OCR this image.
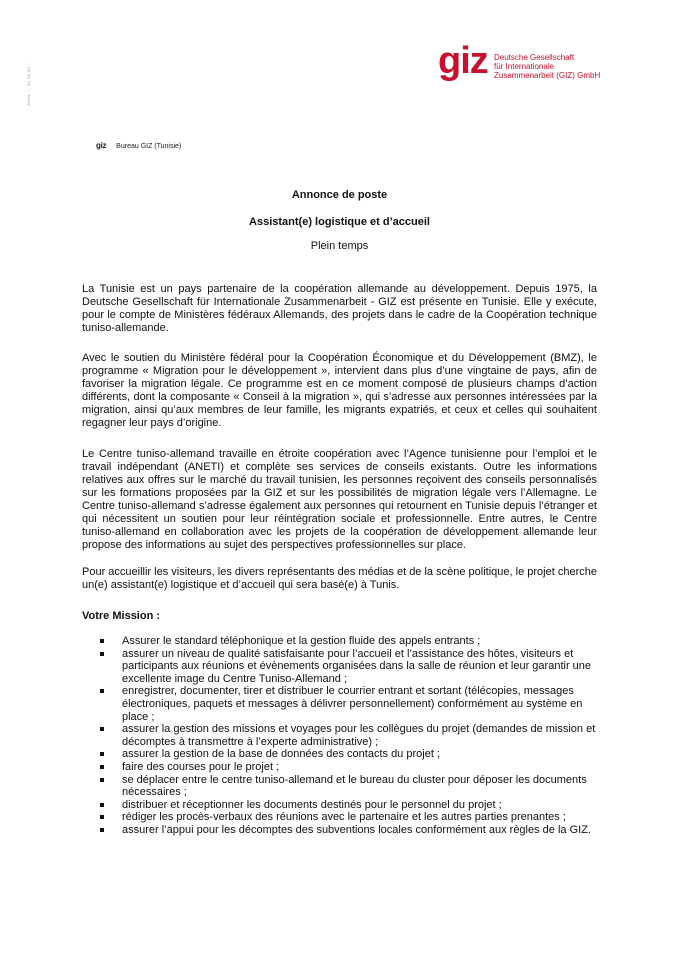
Seite ... 01.01.01 ...	giz Deutsche Gesellschaft
für Internationale
Zusammenarbeit (GIZ) GmbH
giz Bureau GIZ (Tunisie)
Annonce de poste
Assistant(e) logistique et d’accueil
Plein temps

La Tunisie est un pays partenaire de la coopération allemande au développement. Depuis 1975, la Deutsche Gesellschaft für Internationale Zusammenarbeit - GIZ est présente en Tunisie. Elle y exécute, pour le compte de Ministères fédéraux Allemands, des projets dans le cadre de la Coopération technique tuniso-allemande.

Avec le soutien du Ministère fédéral pour la Coopération Économique et du Développement (BMZ), le programme « Migration pour le développement », intervient dans plus d’une vingtaine de pays, afin de favoriser la migration légale. Ce programme est en ce moment composé de plusieurs champs d’action différents, dont la composante « Conseil à la migration », qui s’adresse aux personnes intéressées par la migration, ainsi qu’aux membres de leur famille, les migrants expatriés, et ceux et celles qui souhaitent regagner leur pays d’origine.

Le Centre tuniso-allemand travaille en étroite coopération avec l’Agence tunisienne pour l’emploi et le travail indépendant (ANETI) et complète ses services de conseils existants. Outre les informations relatives aux offres sur le marché du travail tunisien, les personnes reçoivent des conseils personnalisés sur les formations proposées par la GIZ et sur les possibilités de migration légale vers l’Allemagne. Le Centre tuniso-allemand s’adresse également aux personnes qui retournent en Tunisie depuis l’étranger et qui nécessitent un soutien pour leur réintégration sociale et professionnelle. Entre autres, le Centre tuniso-allemand en collaboration avec les projets de la coopération de développement allemande leur propose des informations au sujet des perspectives professionnelles sur place.

Pour accueillir les visiteurs, les divers représentants des médias et de la scène politique, le projet cherche un(e) assistant(e) logistique et d’accueil qui sera basé(e) à Tunis.

Votre Mission :
Assurer le standard téléphonique et la gestion fluide des appels entrants ;
assurer un niveau de qualité satisfaisante pour l’accueil et l’assistance des hôtes, visiteurs et participants aux réunions et évènements organisées dans la salle de réunion et leur garantir une excellente image du Centre Tuniso-Allemand ;
enregistrer, documenter, tirer et distribuer le courrier entrant et sortant (télécopies, messages électroniques, paquets et messages à délivrer personnellement) conformément au système en place ;
assurer la gestion des missions et voyages pour les collègues du projet (demandes de mission et décomptes à transmettre à l’experte administrative) ;
assurer la gestion de la base de données des contacts du projet ;
faire des courses pour le projet ;
se déplacer entre le centre tuniso-allemand et le bureau du cluster pour déposer les documents nécessaires ;
distribuer et réceptionner les documents destinés pour le personnel du projet ;
rédiger les procès-verbaux des réunions avec le partenaire et les autres parties prenantes ;
assurer l’appui pour les décomptes des subventions locales conformément aux règles de la GIZ.
